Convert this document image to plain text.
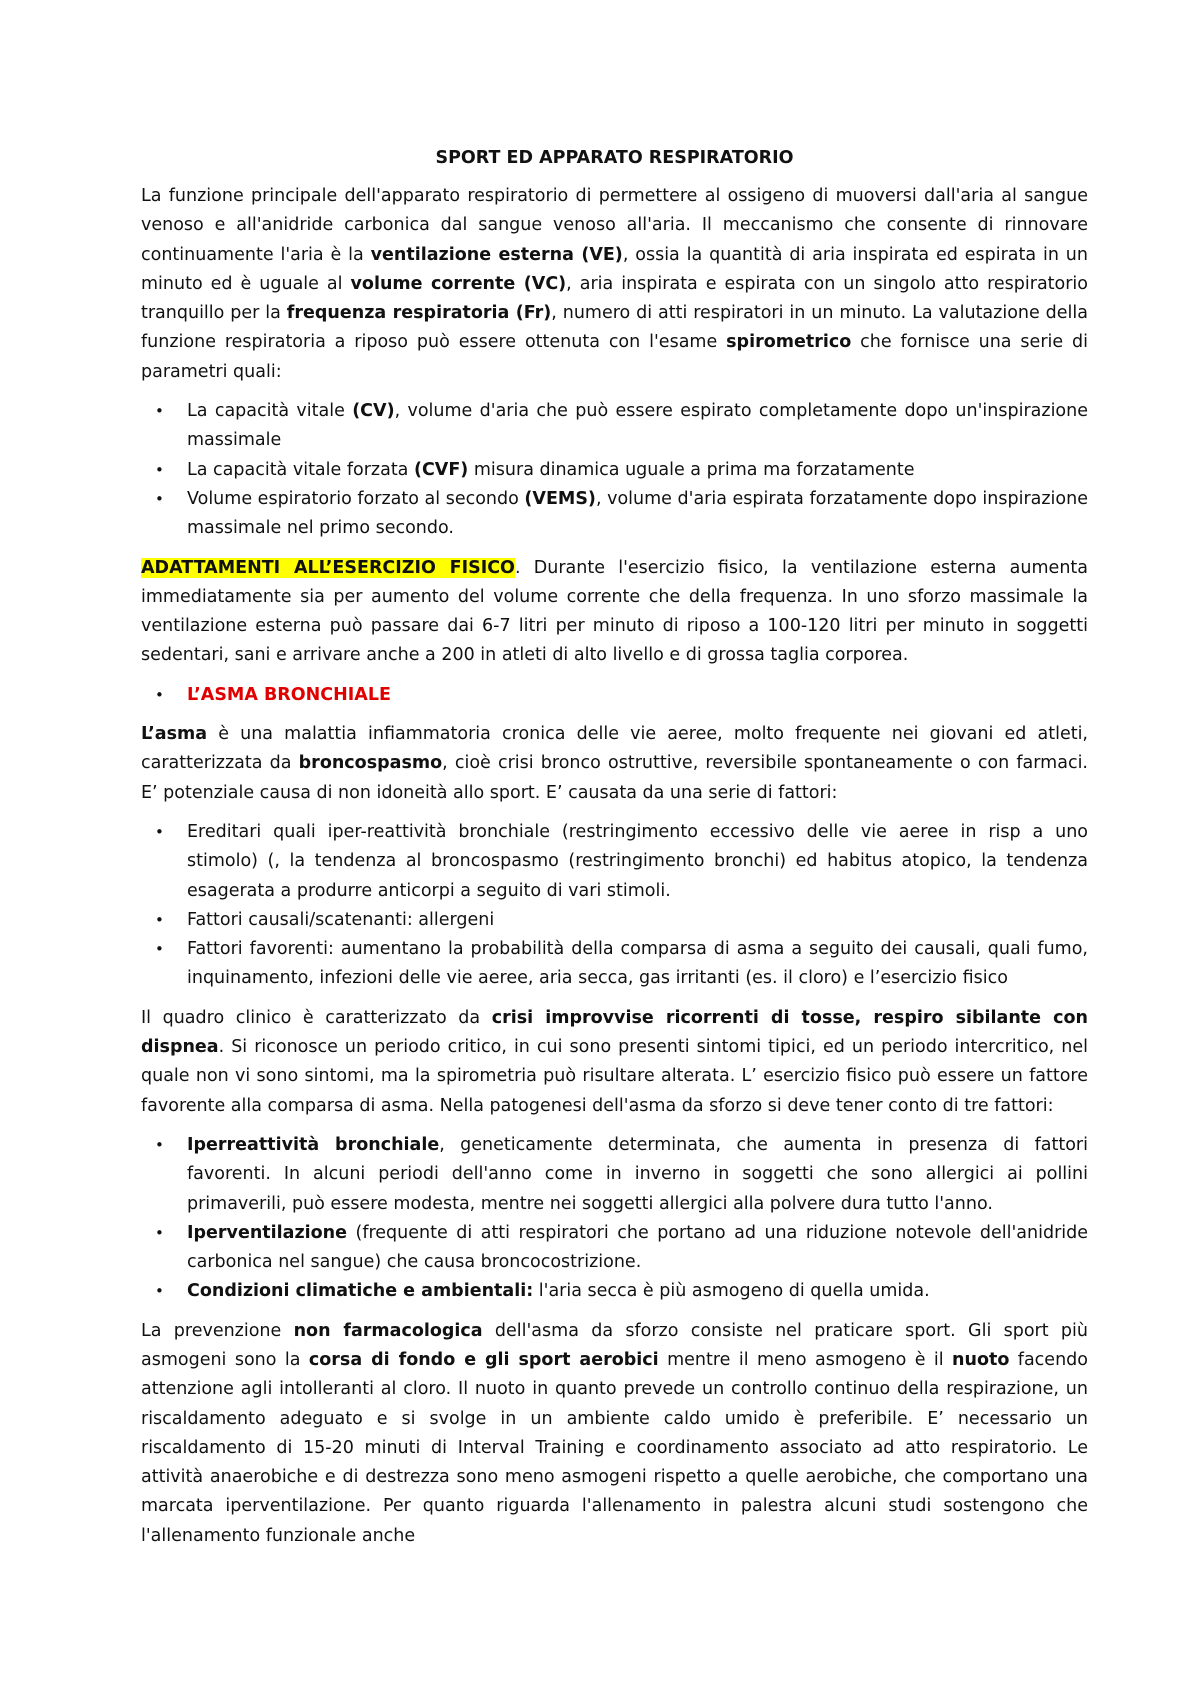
SPORT ED APPARATO RESPIRATORIO

La funzione principale dell'apparato respiratorio di permettere al ossigeno di muoversi dall'aria al sangue venoso e all'anidride carbonica dal sangue venoso all'aria. Il meccanismo che consente di rinnovare continuamente l'aria è la ventilazione esterna (VE), ossia la quantità di aria inspirata ed espirata in un minuto ed è uguale al volume corrente (VC), aria inspirata e espirata con un singolo atto respiratorio tranquillo per la frequenza respiratoria (Fr), numero di atti respiratori in un minuto. La valutazione della funzione respiratoria a riposo può essere ottenuta con l'esame spirometrico che fornisce una serie di parametri quali:

• La capacità vitale (CV), volume d'aria che può essere espirato completamente dopo un'inspirazione massimale
• La capacità vitale forzata (CVF) misura dinamica uguale a prima ma forzatamente
• Volume espiratorio forzato al secondo (VEMS), volume d'aria espirata forzatamente dopo inspirazione massimale nel primo secondo.

ADATTAMENTI ALL’ESERCIZIO FISICO. Durante l'esercizio fisico, la ventilazione esterna aumenta immediatamente sia per aumento del volume corrente che della frequenza. In uno sforzo massimale la ventilazione esterna può passare dai 6-7 litri per minuto di riposo a 100-120 litri per minuto in soggetti sedentari, sani e arrivare anche a 200 in atleti di alto livello e di grossa taglia corporea.

• L’ASMA BRONCHIALE

L’asma è una malattia infiammatoria cronica delle vie aeree, molto frequente nei giovani ed atleti, caratterizzata da broncospasmo, cioè crisi bronco ostruttive, reversibile spontaneamente o con farmaci. E’ potenziale causa di non idoneità allo sport. E’ causata da una serie di fattori:

• Ereditari quali iper-reattività bronchiale (restringimento eccessivo delle vie aeree in risp a uno stimolo) (, la tendenza al broncospasmo (restringimento bronchi) ed habitus atopico, la tendenza esagerata a produrre anticorpi a seguito di vari stimoli.
• Fattori causali/scatenanti: allergeni
• Fattori favorenti: aumentano la probabilità della comparsa di asma a seguito dei causali, quali fumo, inquinamento, infezioni delle vie aeree, aria secca, gas irritanti (es. il cloro) e l’esercizio fisico

Il quadro clinico è caratterizzato da crisi improvvise ricorrenti di tosse, respiro sibilante con dispnea. Si riconosce un periodo critico, in cui sono presenti sintomi tipici, ed un periodo intercritico, nel quale non vi sono sintomi, ma la spirometria può risultare alterata. L’ esercizio fisico può essere un fattore favorente alla comparsa di asma. Nella patogenesi dell'asma da sforzo si deve tener conto di tre fattori:

• Iperreattività bronchiale, geneticamente determinata, che aumenta in presenza di fattori favorenti. In alcuni periodi dell'anno come in inverno in soggetti che sono allergici ai pollini primaverili, può essere modesta, mentre nei soggetti allergici alla polvere dura tutto l'anno.
• Iperventilazione (frequente di atti respiratori che portano ad una riduzione notevole dell'anidride carbonica nel sangue) che causa broncocostrizione.
• Condizioni climatiche e ambientali: l'aria secca è più asmogeno di quella umida.

La prevenzione non farmacologica dell'asma da sforzo consiste nel praticare sport. Gli sport più asmogeni sono la corsa di fondo e gli sport aerobici mentre il meno asmogeno è il nuoto facendo attenzione agli intolleranti al cloro. Il nuoto in quanto prevede un controllo continuo della respirazione, un riscaldamento adeguato e si svolge in un ambiente caldo umido è preferibile. E’ necessario un riscaldamento di 15-20 minuti di Interval Training e coordinamento associato ad atto respiratorio. Le attività anaerobiche e di destrezza sono meno asmogeni rispetto a quelle aerobiche, che comportano una marcata iperventilazione. Per quanto riguarda l'allenamento in palestra alcuni studi sostengono che l'allenamento funzionale anche
